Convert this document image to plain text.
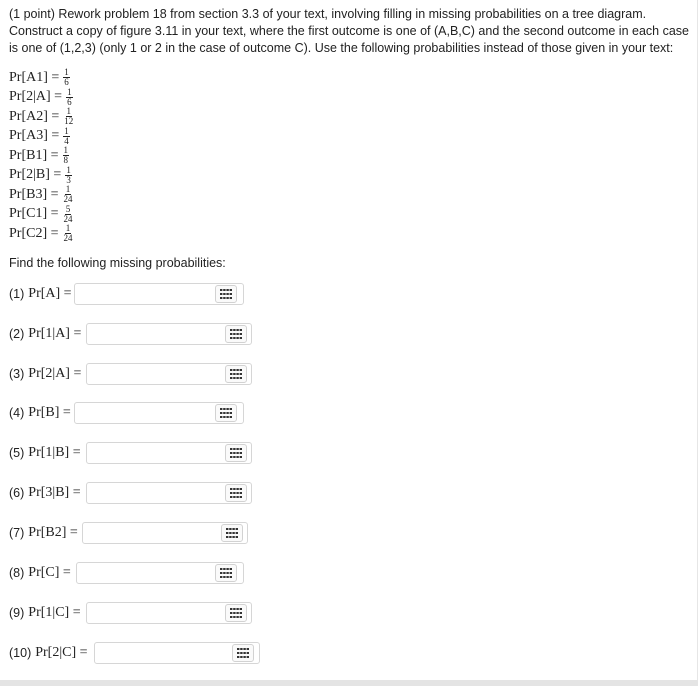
(1 point) Rework problem 18 from section 3.3 of your text, involving filling in missing probabilities on a tree diagram. Construct a copy of figure 3.11 in your text, where the first outcome is one of (A,B,C) and the second outcome in each case is one of (1,2,3) (only 1 or 2 in the case of outcome C). Use the following probabilities instead of those given in your text:

$Pr[A1] = \frac{1}{6}$
$Pr[2|A] = \frac{1}{6}$
$Pr[A2] = \frac{1}{12}$
$Pr[A3] = \frac{1}{4}$
$Pr[B1] = \frac{1}{8}$
$Pr[2|B] = \frac{1}{3}$
$Pr[B3] = \frac{1}{24}$
$Pr[C1] = \frac{5}{24}$
$Pr[C2] = \frac{1}{24}$

Find the following missing probabilities:

(1) Pr[A] =
(2) Pr[1|A] =
(3) Pr[2|A] =
(4) Pr[B] =
(5) Pr[1|B] =
(6) Pr[3|B] =
(7) Pr[B2] =
(8) Pr[C] =
(9) Pr[1|C] =
(10) Pr[2|C] =
